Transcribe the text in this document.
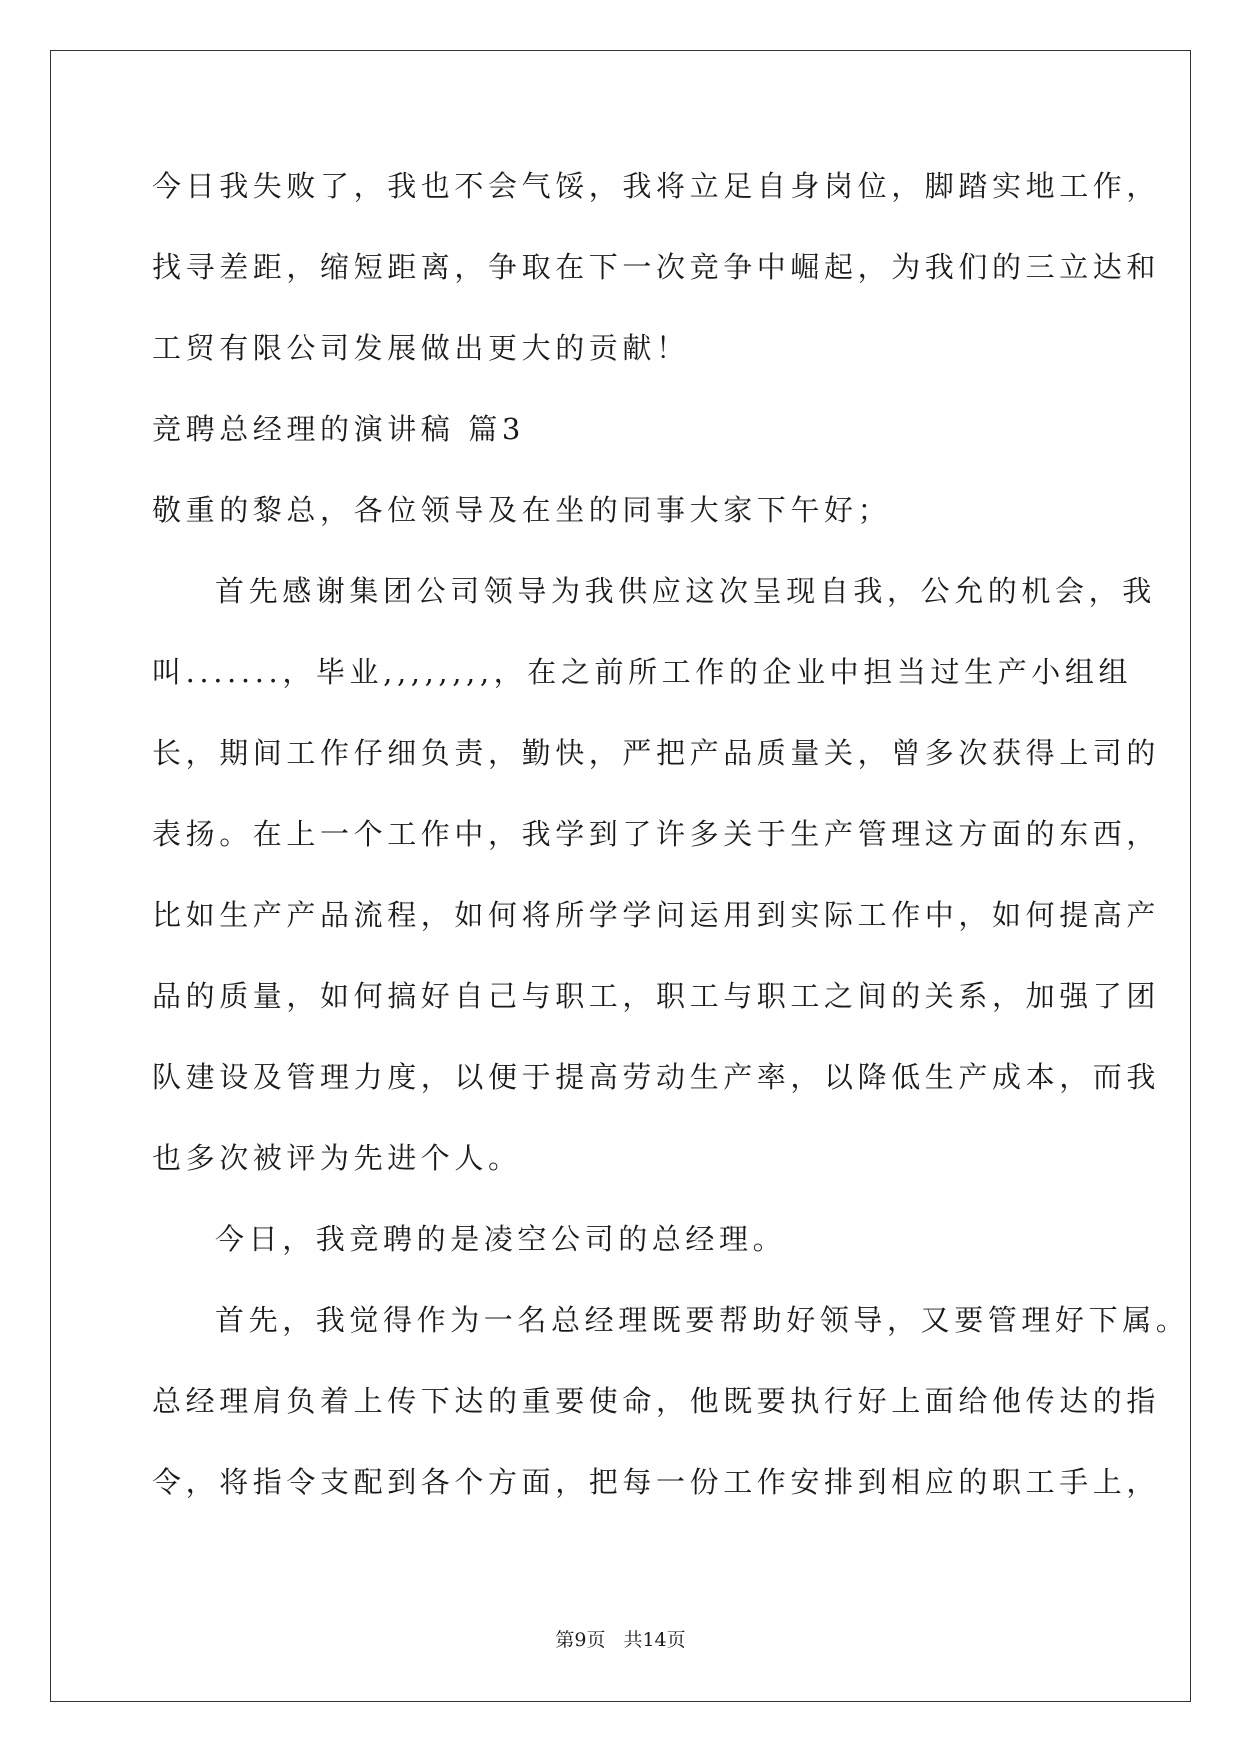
今日我失败了，我也不会气馁，我将立足自身岗位，脚踏实地工作，
找寻差距，缩短距离，争取在下一次竞争中崛起，为我们的三立达和
工贸有限公司发展做出更大的贡献！
竞聘总经理的演讲稿 篇3
敬重的黎总，各位领导及在坐的同事大家下午好；
首先感谢集团公司领导为我供应这次呈现自我，公允的机会，我
叫.......，毕业,,,,,,,,，在之前所工作的企业中担当过生产小组组
长，期间工作仔细负责，勤快，严把产品质量关，曾多次获得上司的
表扬。在上一个工作中，我学到了许多关于生产管理这方面的东西，
比如生产产品流程，如何将所学学问运用到实际工作中，如何提高产
品的质量，如何搞好自己与职工，职工与职工之间的关系，加强了团
队建设及管理力度，以便于提高劳动生产率，以降低生产成本，而我
也多次被评为先进个人。
今日，我竞聘的是凌空公司的总经理。
首先，我觉得作为一名总经理既要帮助好领导，又要管理好下属。
总经理肩负着上传下达的重要使命，他既要执行好上面给他传达的指
令，将指令支配到各个方面，把每一份工作安排到相应的职工手上，
第9页 共14页
